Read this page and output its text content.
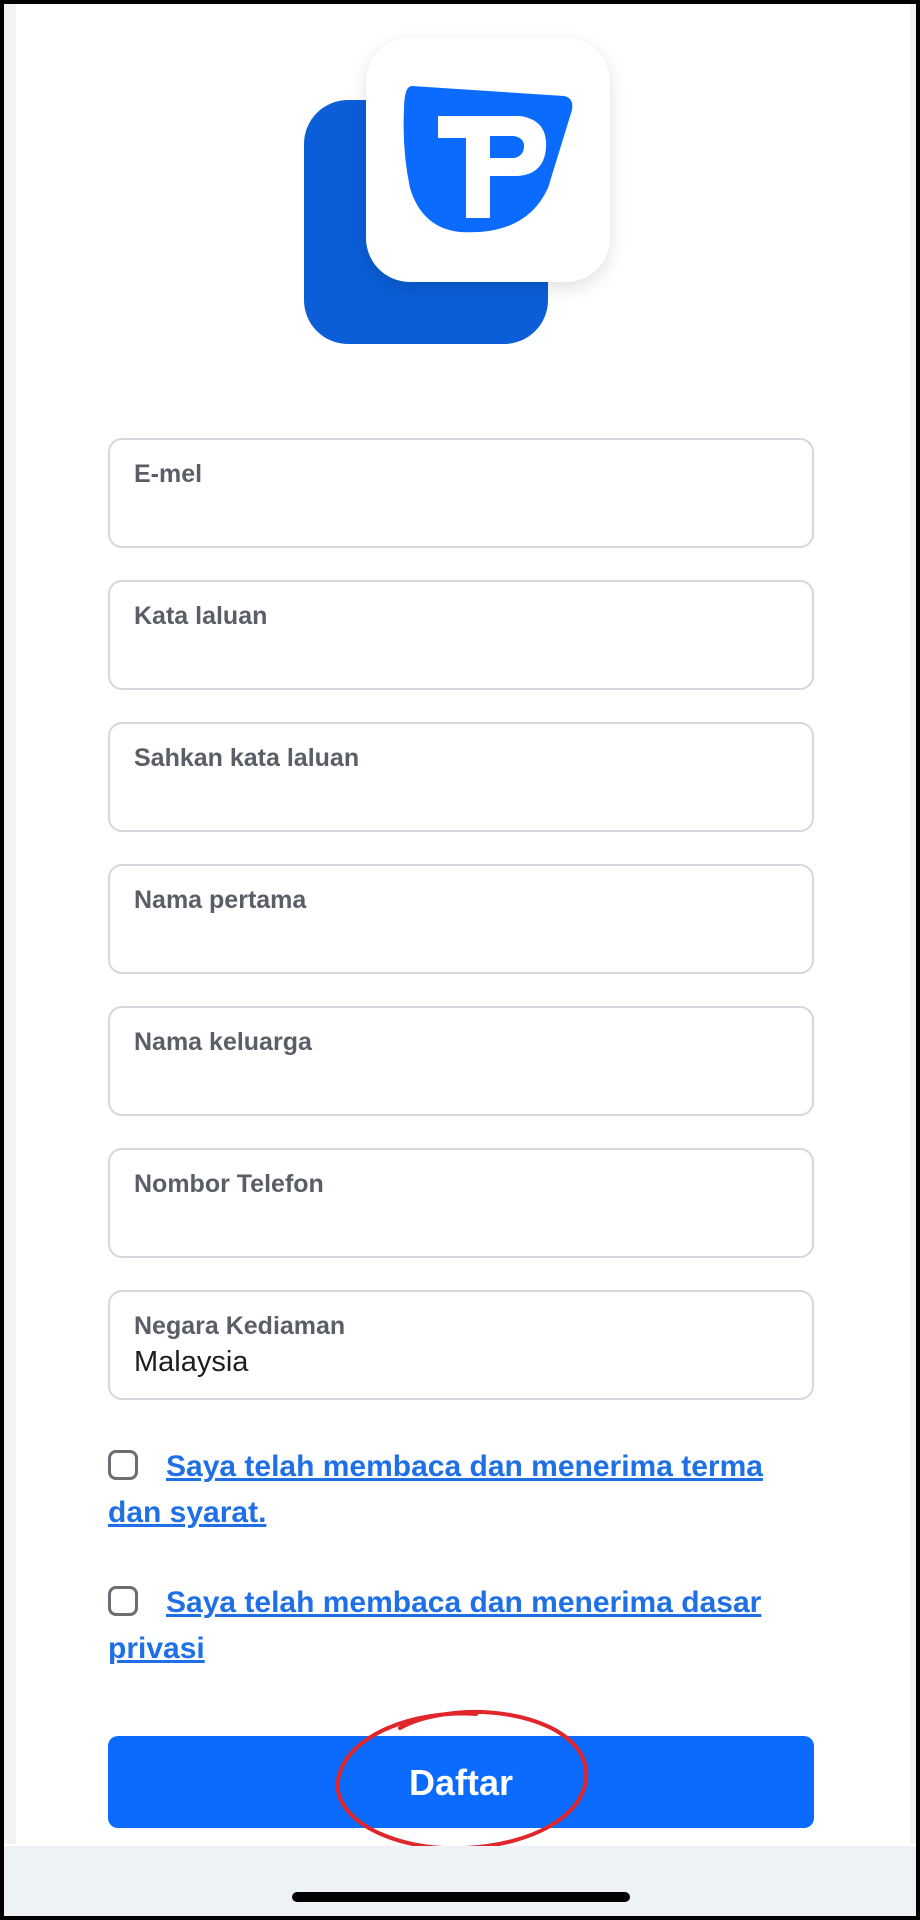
E-mel
Kata laluan
Sahkan kata laluan
Nama pertama
Nama keluarga
Nombor Telefon
Negara Kediaman
Malaysia
Saya telah membaca dan menerima terma dan syarat.
Saya telah membaca dan menerima dasar privasi
Daftar
